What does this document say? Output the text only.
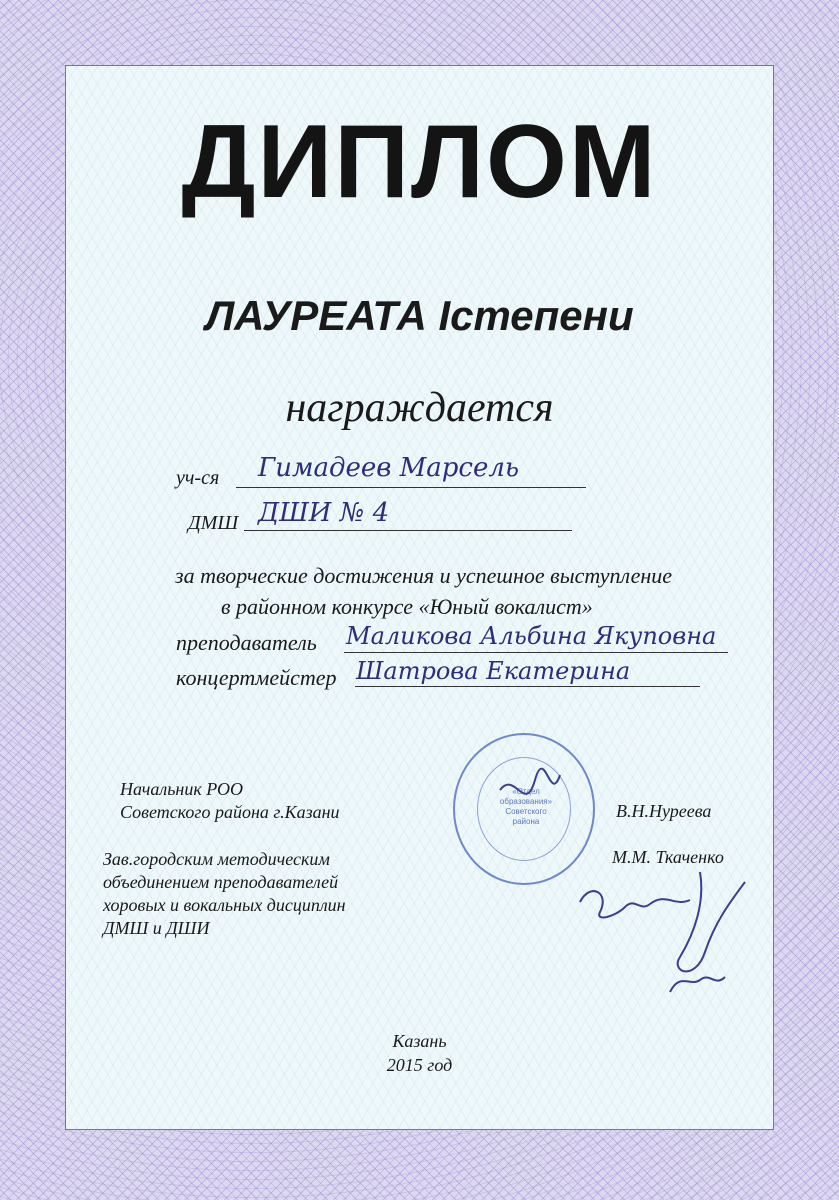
ДИПЛОМ
ЛАУРЕАТА Iстепени
награждается
уч-ся Гимадеев Марсель
ДМШ ДШИ № 4
за творческие достижения и успешное выступление
в районном конкурсе «Юный вокалист»
преподаватель Маликова Альбина Якуповна
концертмейстер Шатрова Екатерина
Начальник РОО
Советского района г.Казани	В.Н.Нуреева
«Отдел образования» Советского района
Зав.городским методическим
объединением преподавателей
хоровых и вокальных дисциплин
ДМШ и ДШИ
М.М. Ткаченко
Казань
2015 год
